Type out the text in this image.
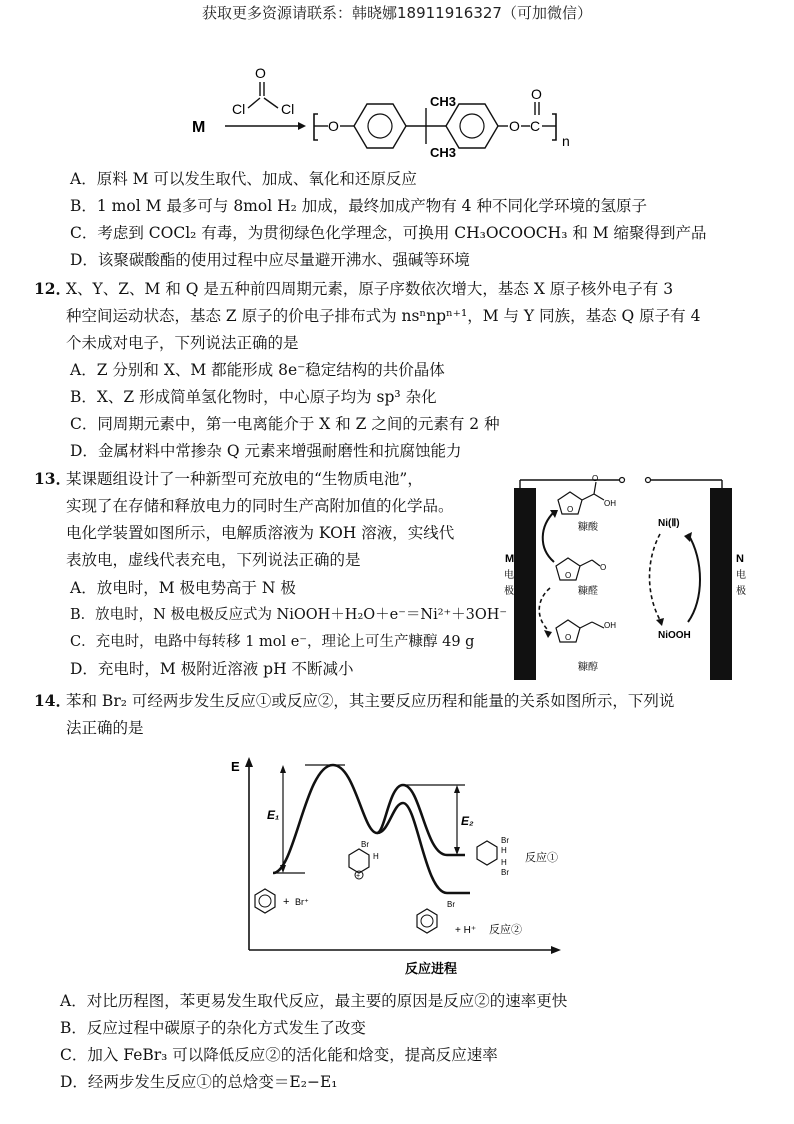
获取更多资源请联系：韩晓娜18911916327（可加微信）
M
Cl	Cl
O
O
CH3
CH3
O C
O
n
A．原料 M 可以发生取代、加成、氧化和还原反应
B．1 mol M 最多可与 8mol H₂ 加成，最终加成产物有 4 种不同化学环境的氢原子
C．考虑到 COCl₂ 有毒，为贯彻绿色化学理念，可换用 CH₃OCOOCH₃ 和 M 缩聚得到产品
D．该聚碳酸酯的使用过程中应尽量避开沸水、强碱等环境
12．
X、Y、Z、M 和 Q 是五种前四周期元素，原子序数依次增大，基态 X 原子核外电子有 3
种空间运动状态，基态 Z 原子的价电子排布式为 nsⁿnpⁿ⁺¹，M 与 Y 同族，基态 Q 原子有 4
个未成对电子，下列说法正确的是
A．Z 分别和 X、M 都能形成 8e⁻稳定结构的共价晶体
B．X、Z 形成简单氢化物时，中心原子均为 sp³ 杂化
C．同周期元素中，第一电离能介于 X 和 Z 之间的元素有 2 种
D．金属材料中常掺杂 Q 元素来增强耐磨性和抗腐蚀能力
13．
某课题组设计了一种新型可充放电的“生物质电池”，
实现了在存储和释放电力的同时生产高附加值的化学品。
电化学装置如图所示，电解质溶液为 KOH 溶液，实线代
表放电，虚线代表充电，下列说法正确的是
A．放电时，M 极电势高于 N 极
B．放电时，N 极电极反应式为 NiOOH＋H₂O＋e⁻＝Ni²⁺＋3OH⁻
C．充电时，电路中每转移 1 mol e⁻，理论上可生产糠醇 49 g
D．充电时，M 极附近溶液 pH 不断减小
M
电
极
N
电
极
O
O
OH
糠酸
O
O
糠醛
O
OH
糠醇
Ni(Ⅱ)
NiOOH
14．
苯和 Br₂ 可经两步发生反应①或反应②，其主要反应历程和能量的关系如图所示，下列说
法正确的是
E
反应进程
E₁	E₂
+ Br⁺
Br
H
+
Br
H
H
Br
反应①
Br
+ H⁺ 反应②
A．对比历程图，苯更易发生取代反应，最主要的原因是反应②的速率更快
B．反应过程中碳原子的杂化方式发生了改变
C．加入 FeBr₃ 可以降低反应②的活化能和焓变，提高反应速率
D．经两步发生反应①的总焓变＝E₂−E₁
